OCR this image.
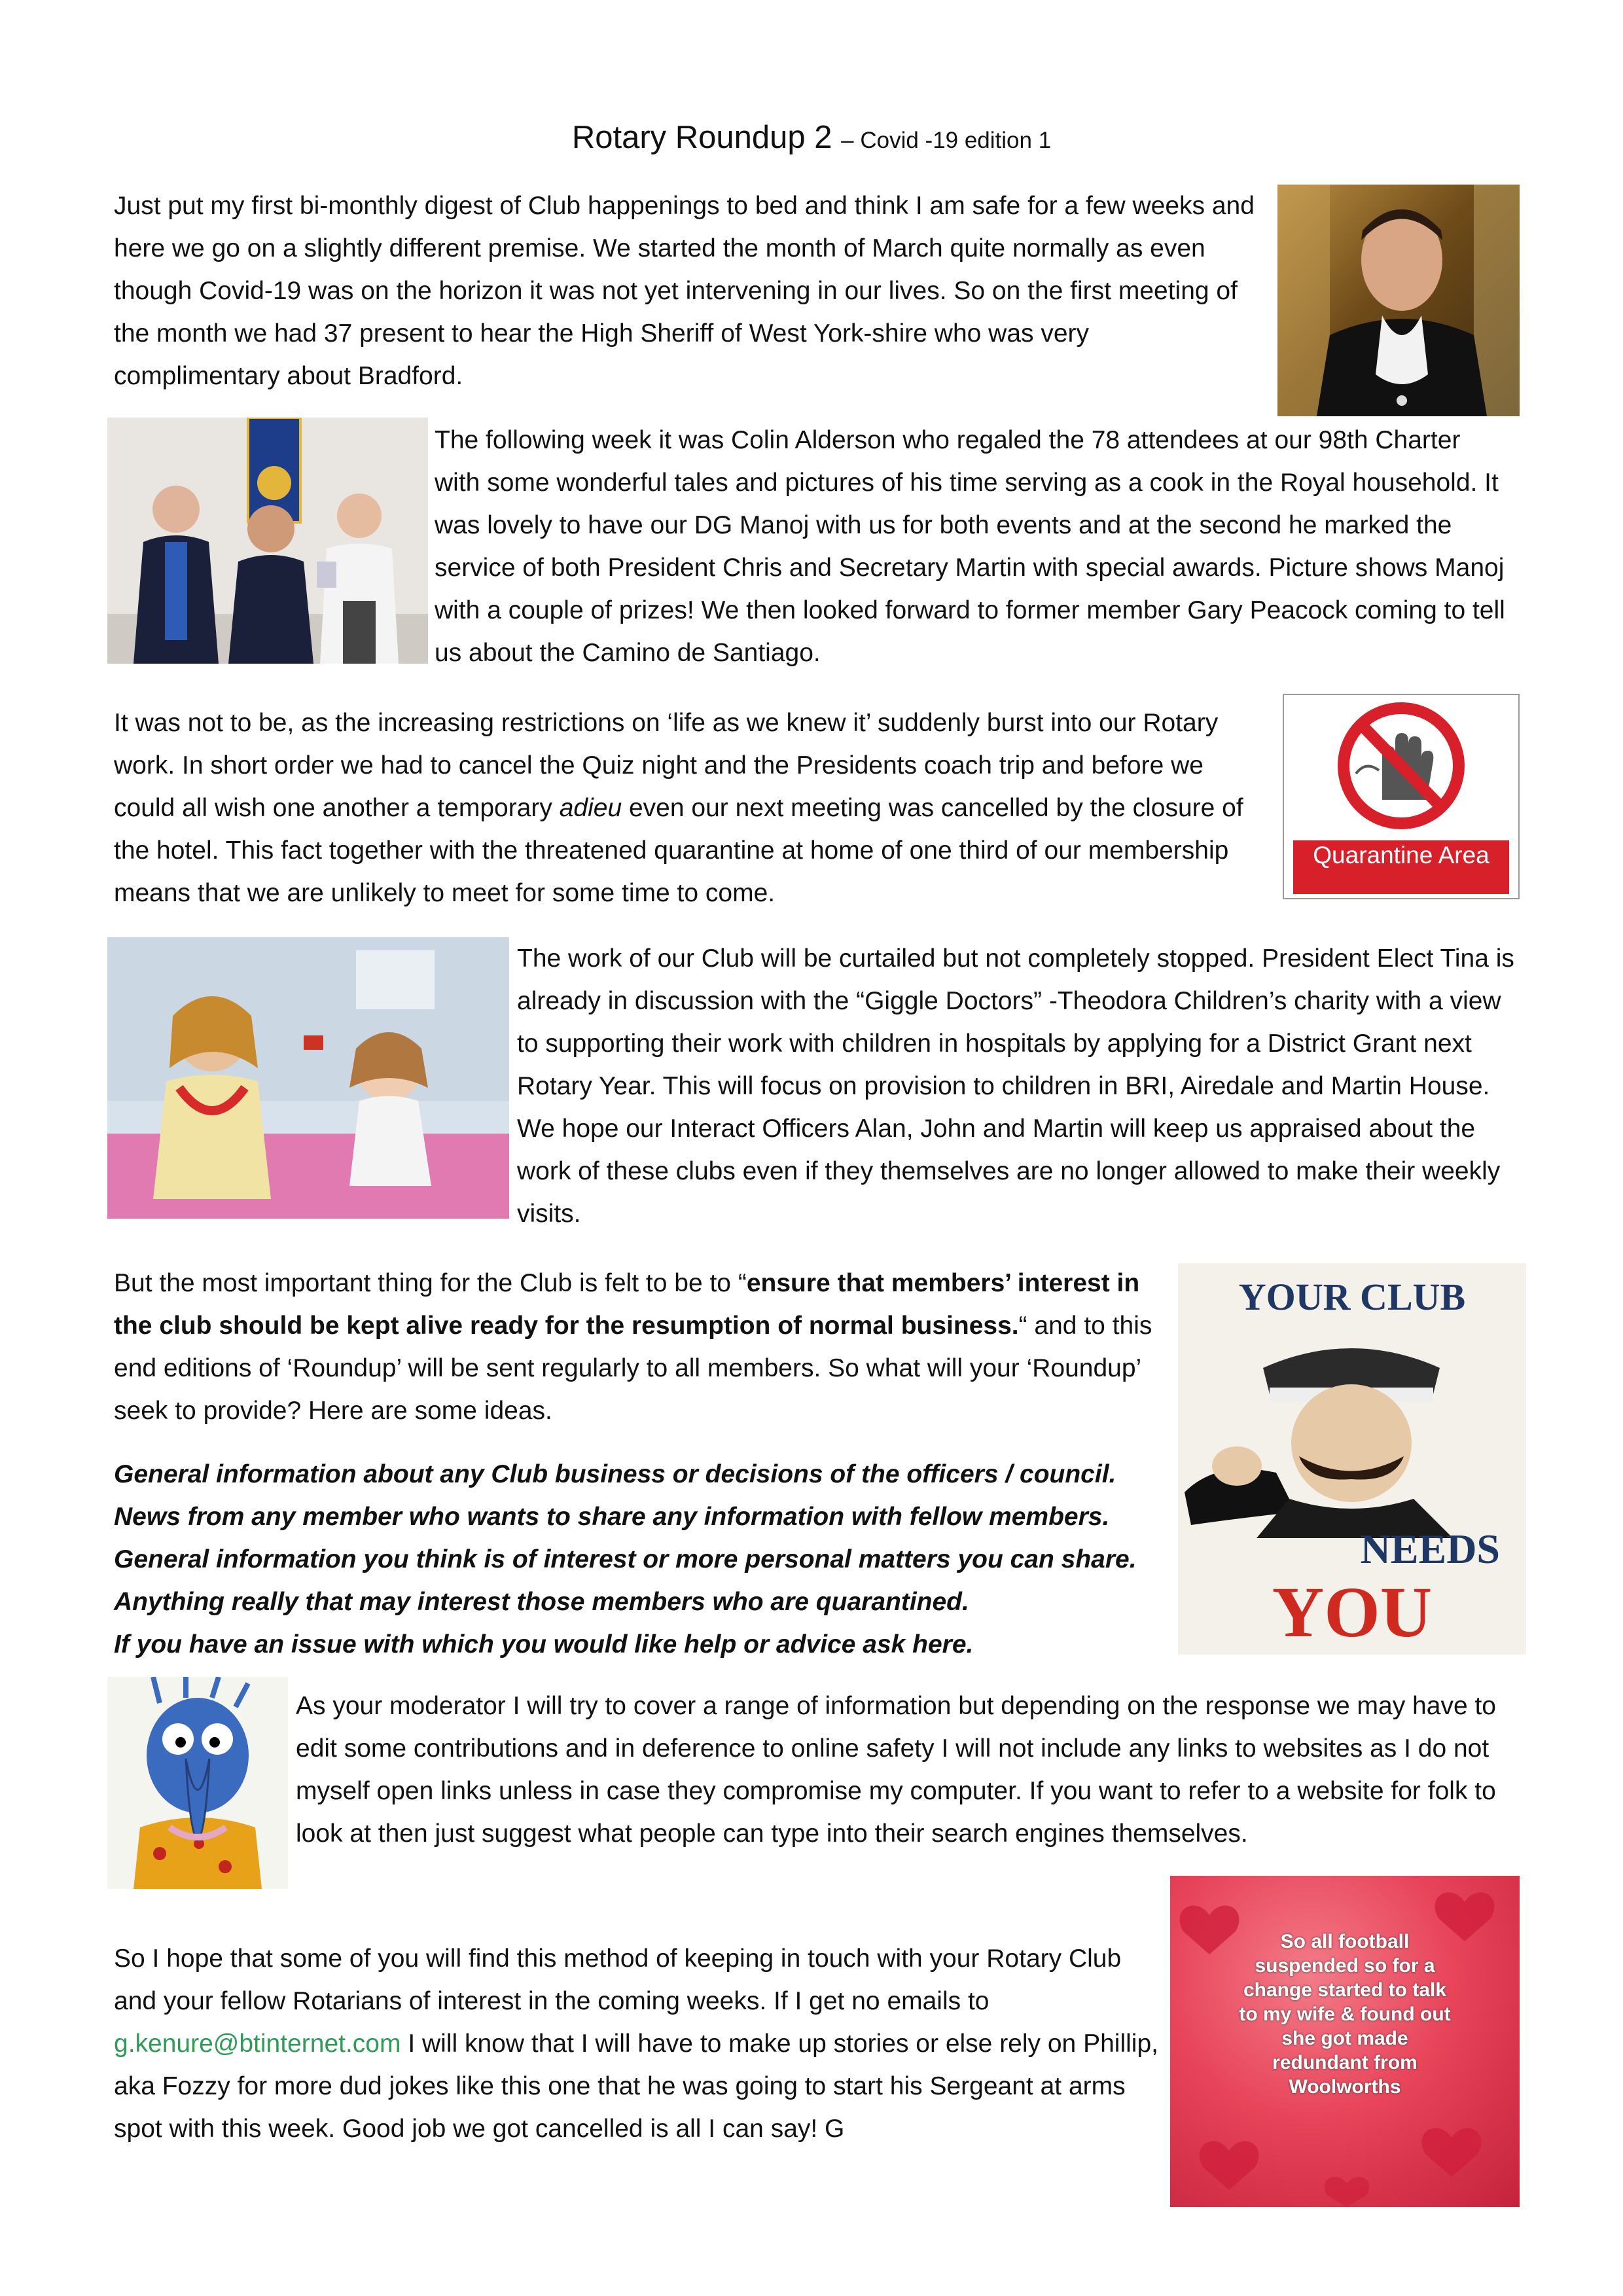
Rotary Roundup 2 – Covid -19 edition 1

Just put my first bi-monthly digest of Club happenings to bed and think I am safe for a few weeks and here we go on a slightly different premise. We started the month of March quite normally as even though Covid-19 was on the horizon it was not yet intervening in our lives. So on the first meeting of the month we had 37 present to hear the High Sheriff of West York-shire who was very complimentary about Bradford.

The following week it was Colin Alderson who regaled the 78 attendees at our 98th Charter with some wonderful tales and pictures of his time serving as a cook in the Royal household. It was lovely to have our DG Manoj with us for both events and at the second he marked the service of both President Chris and Secretary Martin with special awards. Picture shows Manoj with a couple of prizes! We then looked forward to former member Gary Peacock coming to tell us about the Camino de Santiago.

It was not to be, as the increasing restrictions on ‘life as we knew it’ suddenly burst into our Rotary work. In short order we had to cancel the Quiz night and the Presidents coach trip and before we could all wish one another a temporary adieu even our next meeting was cancelled by the closure of the hotel. This fact together with the threatened quarantine at home of one third of our membership means that we are unlikely to meet for some time to come.

Quarantine Area

The work of our Club will be curtailed but not completely stopped. President Elect Tina is already in discussion with the “Giggle Doctors” -Theodora Children’s charity with a view to supporting their work with children in hospitals by applying for a District Grant next Rotary Year. This will focus on provision to children in BRI, Airedale and Martin House. We hope our Interact Officers Alan, John and Martin will keep us appraised about the work of these clubs even if they themselves are no longer allowed to make their weekly visits.

But the most important thing for the Club is felt to be to “ensure that members’ interest in the club should be kept alive ready for the resumption of normal business.“ and to this end editions of ‘Roundup’ will be sent regularly to all members. So what will your ‘Roundup’ seek to provide? Here are some ideas.

YOUR CLUB
NEEDS
YOU

General information about any Club business or decisions of the officers / council.

News from any member who wants to share any information with fellow members.

General information you think is of interest or more personal matters you can share.

Anything really that may interest those members who are quarantined.

If you have an issue with which you would like help or advice ask here.

As your moderator I will try to cover a range of information but depending on the response we may have to edit some contributions and in deference to online safety I will not include any links to websites as I do not myself open links unless in case they compromise my computer. If you want to refer to a website for folk to look at then just suggest what people can type into their search engines themselves.

So I hope that some of you will find this method of keeping in touch with your Rotary Club and your fellow Rotarians of interest in the coming weeks. If I get no emails to g.kenure@btinternet.com I will know that I will have to make up stories or else rely on Phillip, aka Fozzy for more dud jokes like this one that he was going to start his Sergeant at arms spot with this week. Good job we got cancelled is all I can say! G

So all football
suspended so for a
change started to talk
to my wife & found out
she got made
redundant from
Woolworths
